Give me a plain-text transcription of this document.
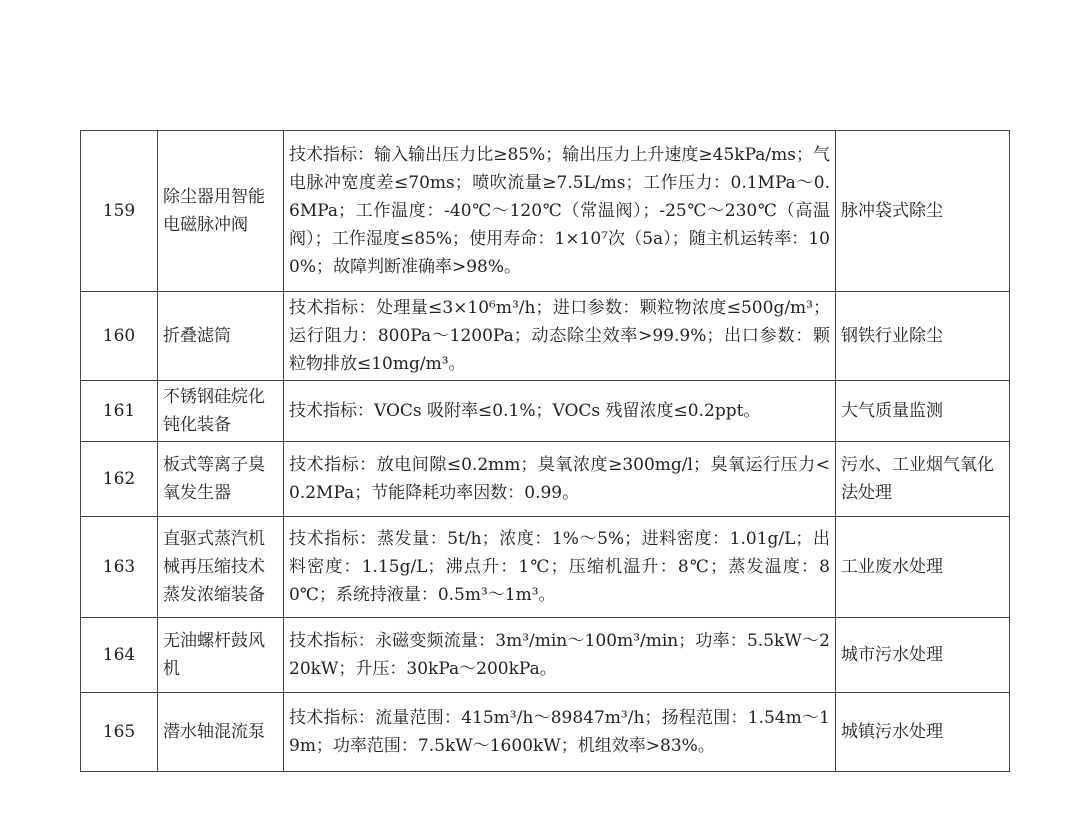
159	除尘器用智能电磁脉冲阀	技术指标：输入输出压力比≥85%；输出压力上升速度≥45kPa/ms；气电脉冲宽度差≤70ms；喷吹流量≥7.5L/ms；工作压力：0.1MPa～0.6MPa；工作温度：-40℃～120℃（常温阀）；-25℃～230℃（高温阀）；工作湿度≤85%；使用寿命：1×10⁷次（5a）；随主机运转率：100%；故障判断准确率>98%。	脉冲袋式除尘
160	折叠滤筒	技术指标：处理量≤3×10⁶m³/h；进口参数：颗粒物浓度≤500g/m³；运行阻力：800Pa～1200Pa；动态除尘效率>99.9%；出口参数：颗粒物排放≤10mg/m³。	钢铁行业除尘
161	不锈钢硅烷化钝化装备	技术指标：VOCs 吸附率≤0.1%；VOCs 残留浓度≤0.2ppt。	大气质量监测
162	板式等离子臭氧发生器	技术指标：放电间隙≤0.2mm；臭氧浓度≥300mg/l；臭氧运行压力<0.2MPa；节能降耗功率因数：0.99。	污水、工业烟气氧化法处理
163	直驱式蒸汽机械再压缩技术蒸发浓缩装备	技术指标：蒸发量：5t/h；浓度：1%～5%；进料密度：1.01g/L；出料密度：1.15g/L；沸点升：1℃；压缩机温升：8℃；蒸发温度：80℃；系统持液量：0.5m³～1m³。	工业废水处理
164	无油螺杆鼓风机	技术指标：永磁变频流量：3m³/min～100m³/min；功率：5.5kW～220kW；升压：30kPa～200kPa。	城市污水处理
165	潜水轴混流泵	技术指标：流量范围：415m³/h～89847m³/h；扬程范围：1.54m～19m；功率范围：7.5kW～1600kW；机组效率>83%。	城镇污水处理
